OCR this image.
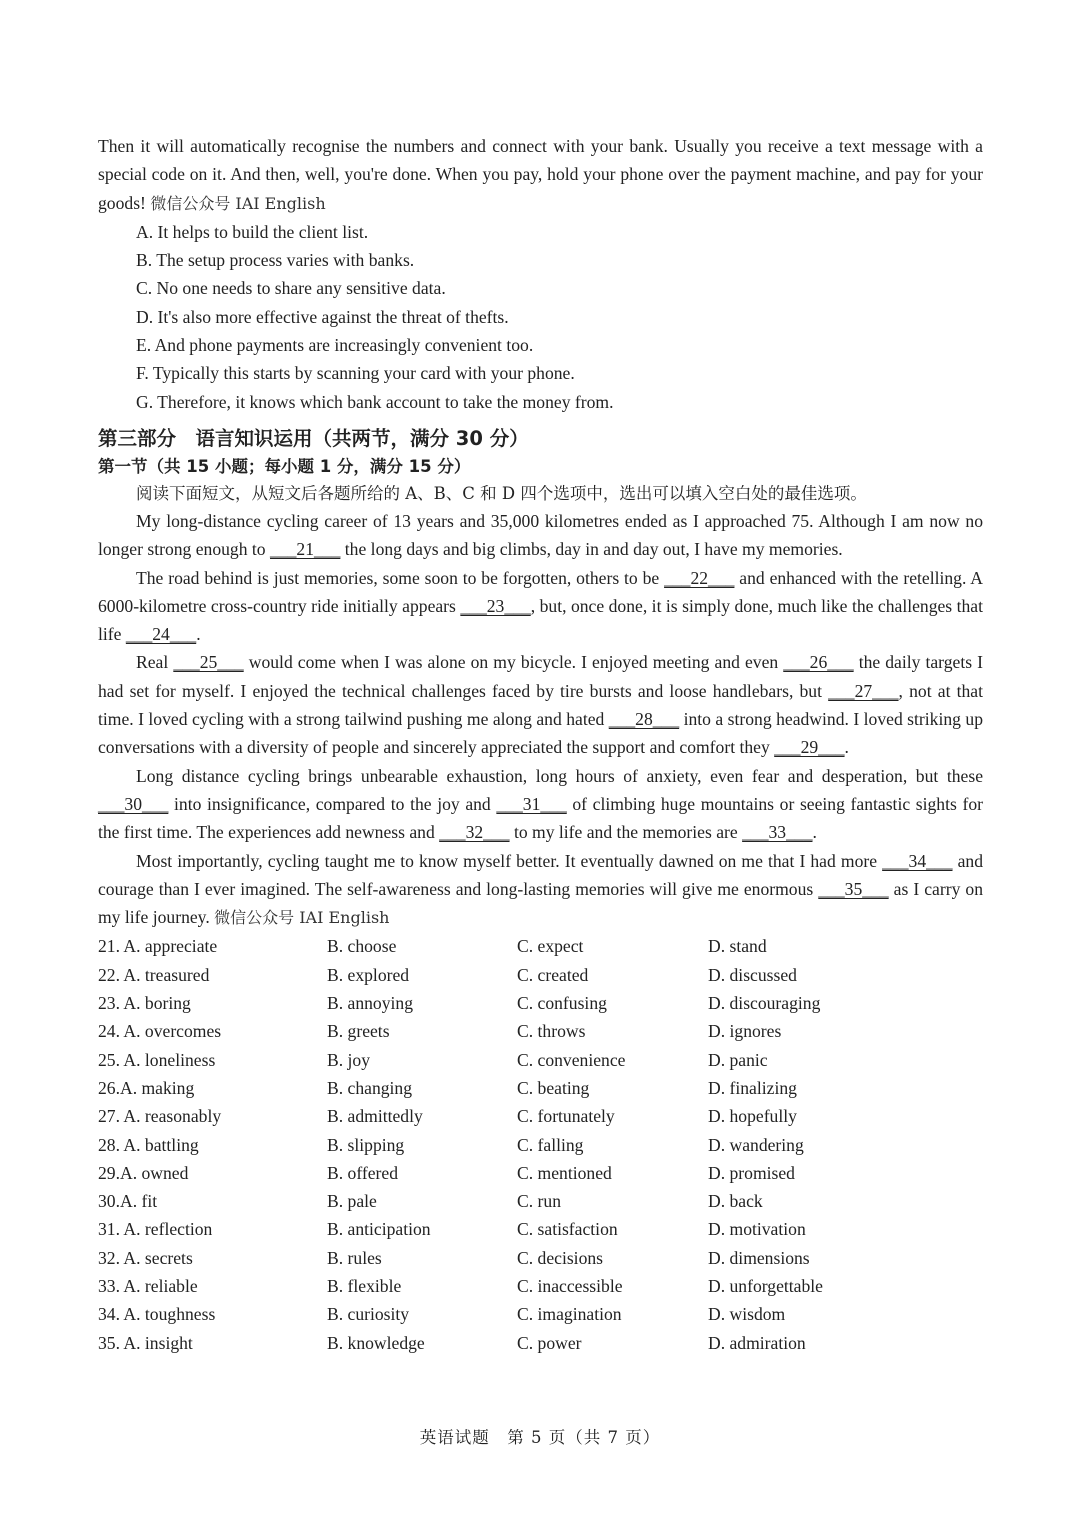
Then it will automatically recognise the numbers and connect with your bank. Usually you receive a text message with a special code on it. And then, well, you're done. When you pay, hold your phone over the payment machine, and pay for your goods! 微信公众号 IAI English

A. It helps to build the client list.

B. The setup process varies with banks.

C. No one needs to share any sensitive data.

D. It's also more effective against the threat of thefts.

E. And phone payments are increasingly convenient too.

F. Typically this starts by scanning your card with your phone.

G. Therefore, it knows which bank account to take the money from.

第三部分　语言知识运用（共两节，满分 30 分）

第一节（共 15 小题；每小题 1 分，满分 15 分）

阅读下面短文，从短文后各题所给的 A、B、C 和 D 四个选项中，选出可以填入空白处的最佳选项。

My long-distance cycling career of 13 years and 35,000 kilometres ended as I approached 75. Although I am now no longer strong enough to ___21___ the long days and big climbs, day in and day out, I have my memories.

The road behind is just memories, some soon to be forgotten, others to be ___22___ and enhanced with the retelling. A 6000-kilometre cross-country ride initially appears ___23___, but, once done, it is simply done, much like the challenges that life ___24___.

Real ___25___ would come when I was alone on my bicycle. I enjoyed meeting and even ___26___ the daily targets I had set for myself. I enjoyed the technical challenges faced by tire bursts and loose handlebars, but ___27___, not at that time. I loved cycling with a strong tailwind pushing me along and hated ___28___ into a strong headwind. I loved striking up conversations with a diversity of people and sincerely appreciated the support and comfort they ___29___.

Long distance cycling brings unbearable exhaustion, long hours of anxiety, even fear and desperation, but these ___30___ into insignificance, compared to the joy and ___31___ of climbing huge mountains or seeing fantastic sights for the first time. The experiences add newness and ___32___ to my life and the memories are ___33___.

Most importantly, cycling taught me to know myself better. It eventually dawned on me that I had more ___34___ and courage than I ever imagined. The self-awareness and long-lasting memories will give me enormous ___35___ as I carry on my life journey. 微信公众号 IAI English

21. A. appreciate	B. choose	C. expect	D. stand
22. A. treasured	B. explored	C. created	D. discussed
23. A. boring	B. annoying	C. confusing	D. discouraging
24. A. overcomes	B. greets	C. throws	D. ignores
25. A. loneliness	B. joy	C. convenience	D. panic
26.A. making	B. changing	C. beating	D. finalizing
27. A. reasonably	B. admittedly	C. fortunately	D. hopefully
28. A. battling	B. slipping	C. falling	D. wandering
29.A. owned	B. offered	C. mentioned	D. promised
30.A. fit	B. pale	C. run	D. back
31. A. reflection	B. anticipation	C. satisfaction	D. motivation
32. A. secrets	B. rules	C. decisions	D. dimensions
33. A. reliable	B. flexible	C. inaccessible	D. unforgettable
34. A. toughness	B. curiosity	C. imagination	D. wisdom
35. A. insight	B. knowledge	C. power	D. admiration
英语试题　第 5 页（共 7 页）
